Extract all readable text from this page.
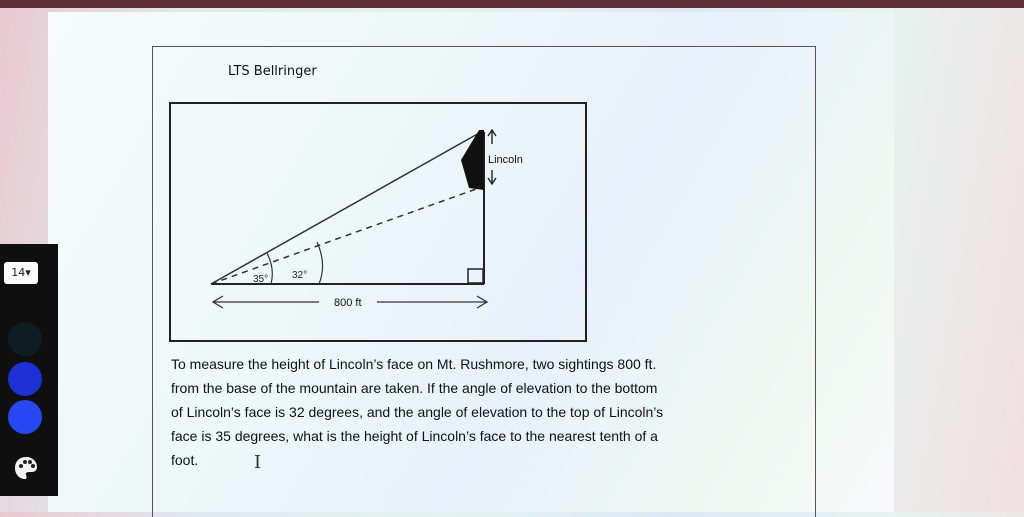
LTS Bellringer
Lincoln
35° 32°
800 ft
To measure the height of Lincoln’s face on Mt. Rushmore, two sightings 800 ft.
from the base of the mountain are taken. If the angle of elevation to the bottom
of Lincoln’s face is 32 degrees, and the angle of elevation to the top of Lincoln’s
face is 35 degrees, what is the height of Lincoln’s face to the nearest tenth of a
foot.	I
14▾
